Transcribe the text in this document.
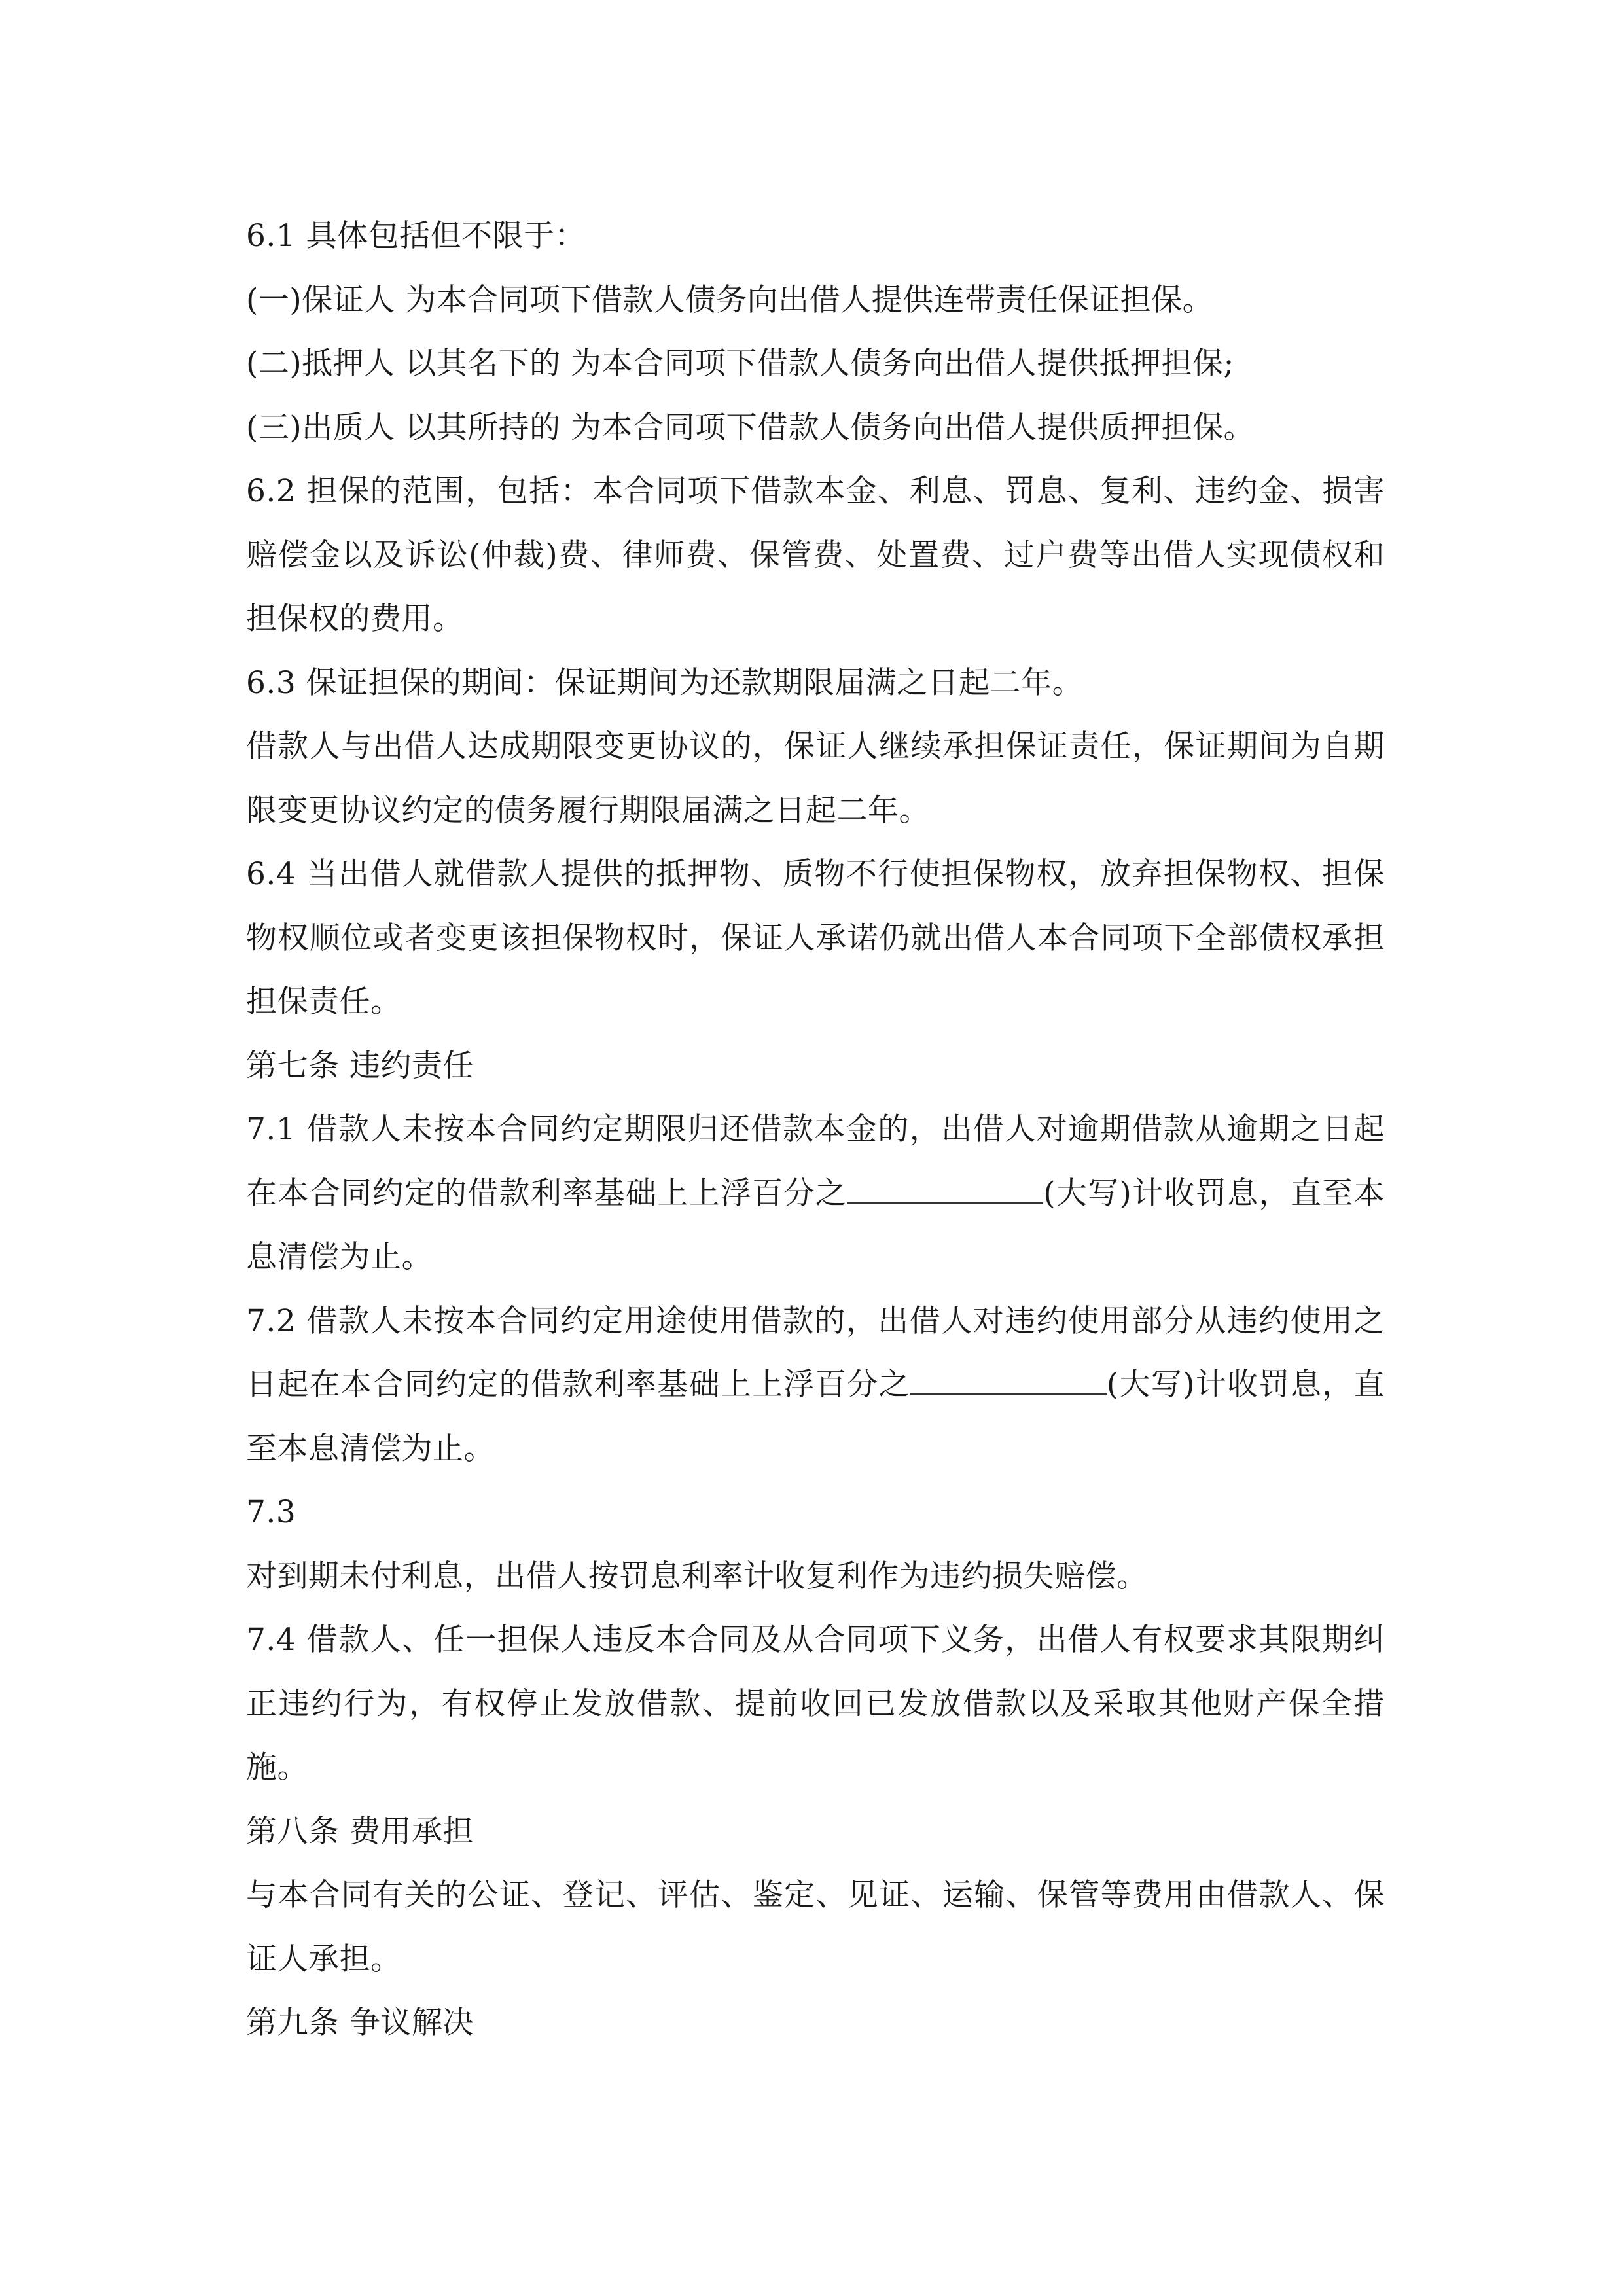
6.1 具体包括但不限于：

(一)保证人 为本合同项下借款人债务向出借人提供连带责任保证担保。

(二)抵押人 以其名下的 为本合同项下借款人债务向出借人提供抵押担保;

(三)出质人 以其所持的 为本合同项下借款人债务向出借人提供质押担保。

6.2 担保的范围，包括：本合同项下借款本金、利息、罚息、复利、违约金、损害赔偿金以及诉讼(仲裁)费、律师费、保管费、处置费、过户费等出借人实现债权和担保权的费用。

6.3 保证担保的期间：保证期间为还款期限届满之日起二年。

借款人与出借人达成期限变更协议的，保证人继续承担保证责任，保证期间为自期限变更协议约定的债务履行期限届满之日起二年。

6.4 当出借人就借款人提供的抵押物、质物不行使担保物权，放弃担保物权、担保物权顺位或者变更该担保物权时，保证人承诺仍就出借人本合同项下全部债权承担担保责任。

第七条 违约责任

7.1 借款人未按本合同约定期限归还借款本金的，出借人对逾期借款从逾期之日起在本合同约定的借款利率基础上上浮百分之	(大写)计收罚息，直至本息清偿为止。

7.2 借款人未按本合同约定用途使用借款的，出借人对违约使用部分从违约使用之日起在本合同约定的借款利率基础上上浮百分之	(大写)计收罚息，直至本息清偿为止。

7.3

对到期未付利息，出借人按罚息利率计收复利作为违约损失赔偿。

7.4 借款人、任一担保人违反本合同及从合同项下义务，出借人有权要求其限期纠正违约行为，有权停止发放借款、提前收回已发放借款以及采取其他财产保全措施。

第八条 费用承担

与本合同有关的公证、登记、评估、鉴定、见证、运输、保管等费用由借款人、保证人承担。

第九条 争议解决
